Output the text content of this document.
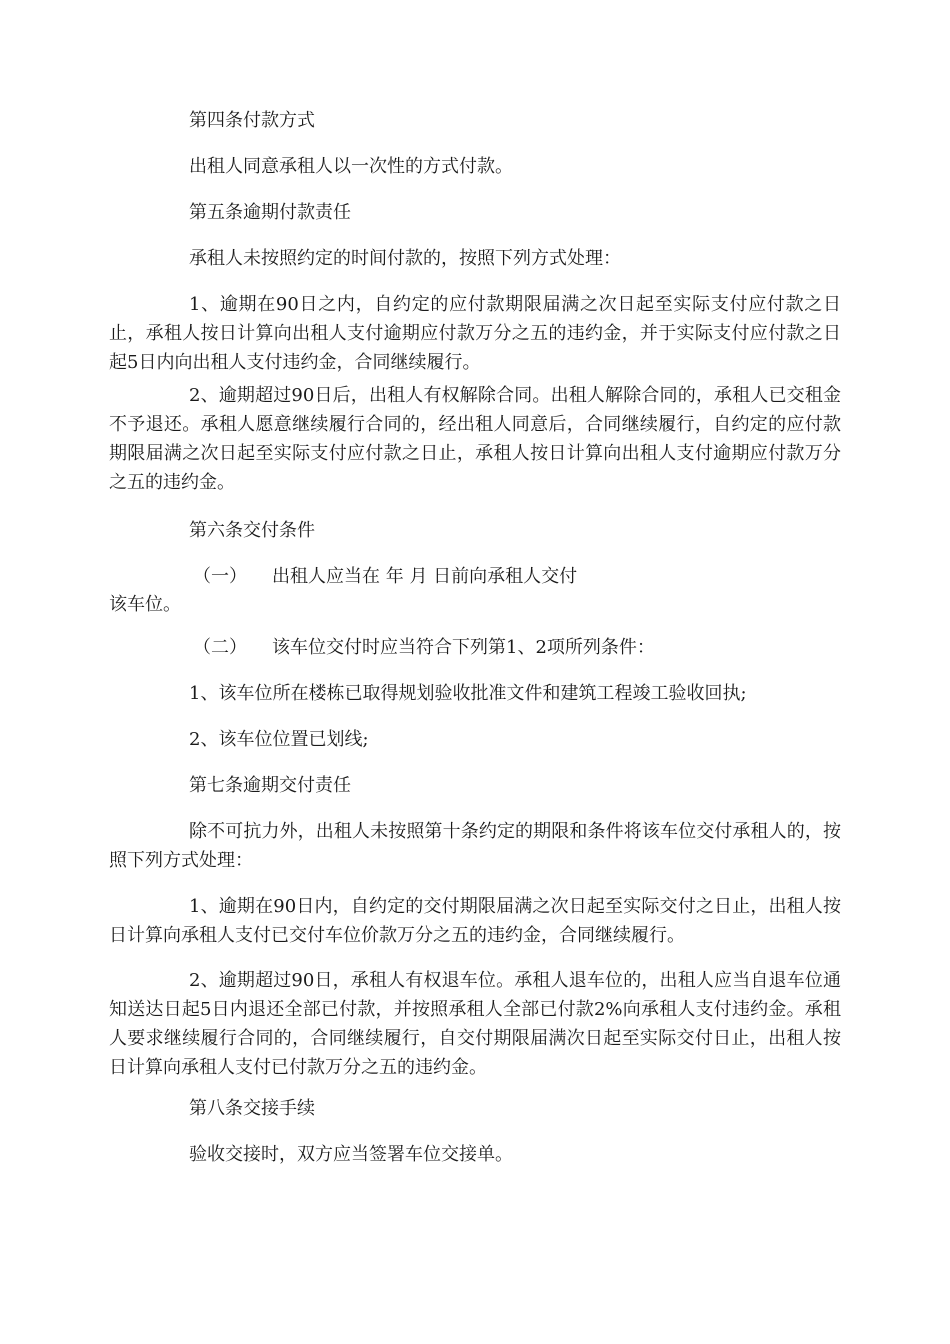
第四条付款方式

出租人同意承租人以一次性的方式付款。

第五条逾期付款责任

承租人未按照约定的时间付款的，按照下列方式处理：

1、逾期在90日之内，自约定的应付款期限届满之次日起至实际支付应付款之日止，承租人按日计算向出租人支付逾期应付款万分之五的违约金，并于实际支付应付款之日起5日内向出租人支付违约金，合同继续履行。

2、逾期超过90日后，出租人有权解除合同。出租人解除合同的，承租人已交租金不予退还。承租人愿意继续履行合同的，经出租人同意后，合同继续履行，自约定的应付款期限届满之次日起至实际支付应付款之日止，承租人按日计算向出租人支付逾期应付款万分之五的违约金。

第六条交付条件

（一） 出租人应当在 年 月 日前向承租人交付

该车位。

（二） 该车位交付时应当符合下列第1、2项所列条件：

1、该车位所在楼栋已取得规划验收批准文件和建筑工程竣工验收回执;

2、该车位位置已划线;

第七条逾期交付责任

除不可抗力外，出租人未按照第十条约定的期限和条件将该车位交付承租人的，按照下列方式处理：

1、逾期在90日内，自约定的交付期限届满之次日起至实际交付之日止，出租人按日计算向承租人支付已交付车位价款万分之五的违约金，合同继续履行。

2、逾期超过90日，承租人有权退车位。承租人退车位的，出租人应当自退车位通知送达日起5日内退还全部已付款，并按照承租人全部已付款2%向承租人支付违约金。承租人要求继续履行合同的，合同继续履行，自交付期限届满次日起至实际交付日止，出租人按日计算向承租人支付已付款万分之五的违约金。

第八条交接手续

验收交接时，双方应当签署车位交接单。
